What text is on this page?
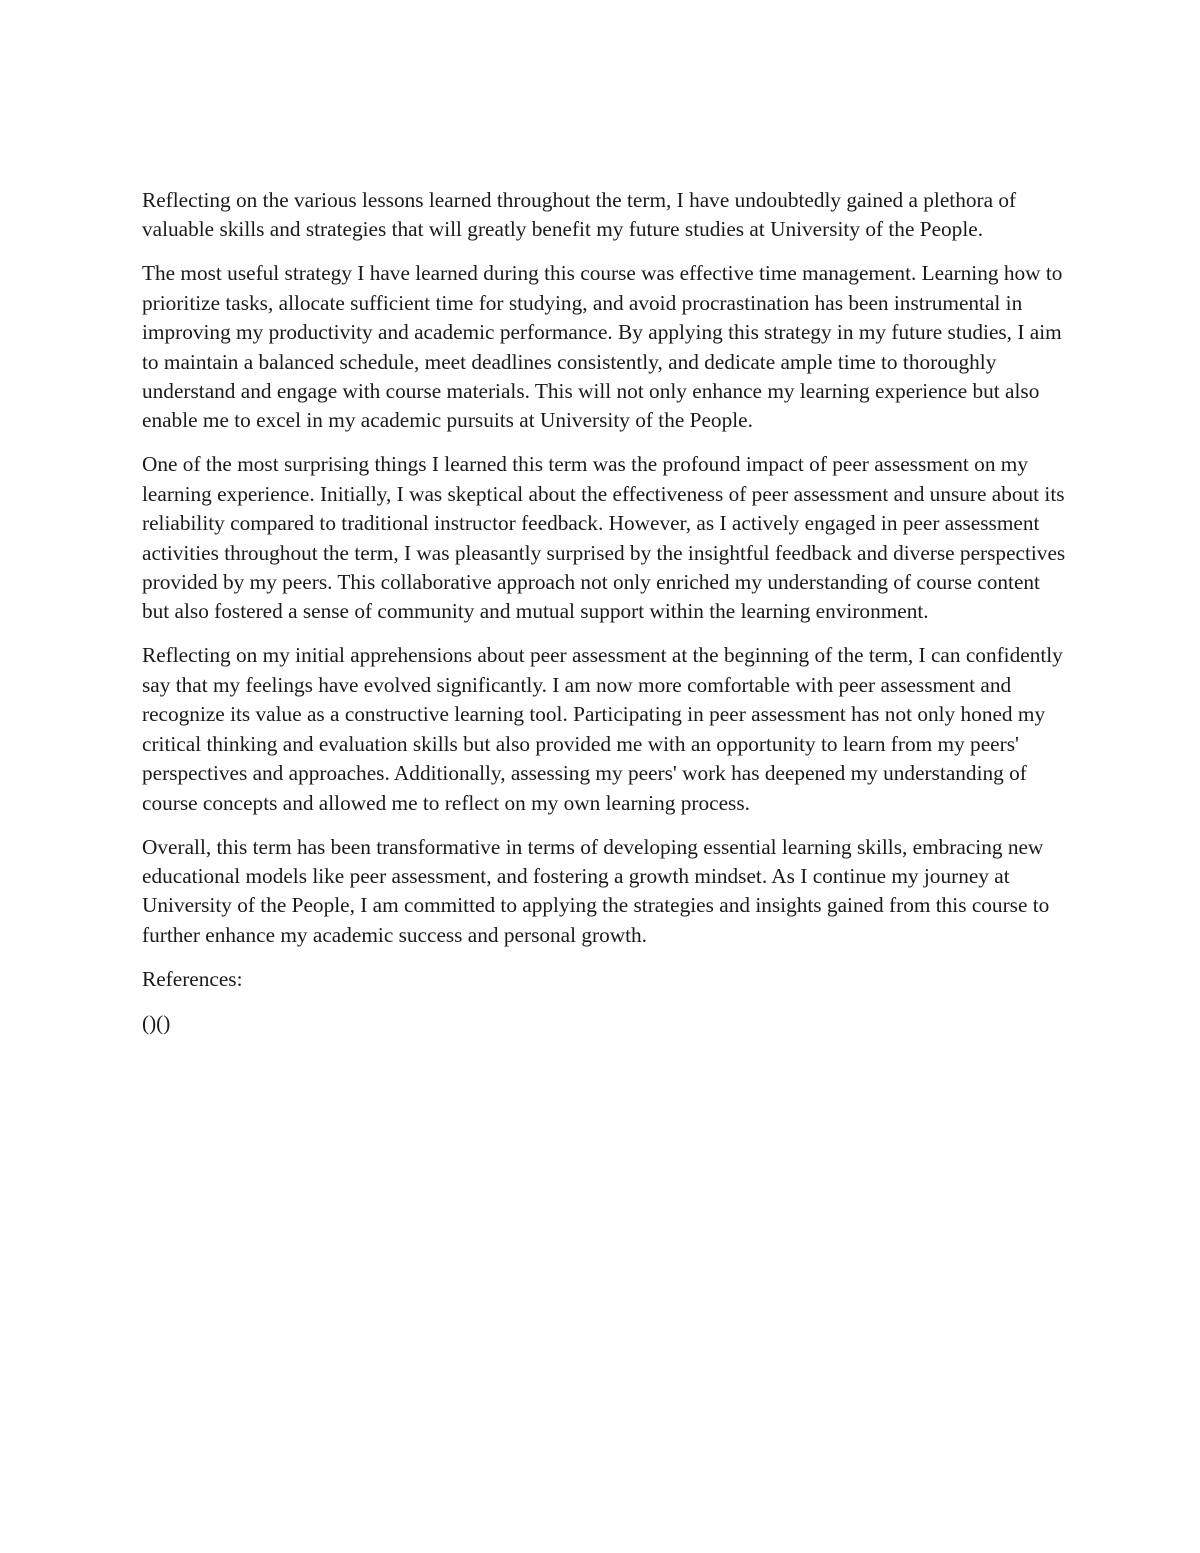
Reflecting on the various lessons learned throughout the term, I have undoubtedly gained a plethora of valuable skills and strategies that will greatly benefit my future studies at University of the People.

The most useful strategy I have learned during this course was effective time management. Learning how to prioritize tasks, allocate sufficient time for studying, and avoid procrastination has been instrumental in improving my productivity and academic performance. By applying this strategy in my future studies, I aim to maintain a balanced schedule, meet deadlines consistently, and dedicate ample time to thoroughly understand and engage with course materials. This will not only enhance my learning experience but also enable me to excel in my academic pursuits at University of the People.

One of the most surprising things I learned this term was the profound impact of peer assessment on my learning experience. Initially, I was skeptical about the effectiveness of peer assessment and unsure about its reliability compared to traditional instructor feedback. However, as I actively engaged in peer assessment activities throughout the term, I was pleasantly surprised by the insightful feedback and diverse perspectives provided by my peers. This collaborative approach not only enriched my understanding of course content but also fostered a sense of community and mutual support within the learning environment.

Reflecting on my initial apprehensions about peer assessment at the beginning of the term, I can confidently say that my feelings have evolved significantly. I am now more comfortable with peer assessment and recognize its value as a constructive learning tool. Participating in peer assessment has not only honed my critical thinking and evaluation skills but also provided me with an opportunity to learn from my peers' perspectives and approaches. Additionally, assessing my peers' work has deepened my understanding of course concepts and allowed me to reflect on my own learning process.

Overall, this term has been transformative in terms of developing essential learning skills, embracing new educational models like peer assessment, and fostering a growth mindset. As I continue my journey at University of the People, I am committed to applying the strategies and insights gained from this course to further enhance my academic success and personal growth.

References:

()()
